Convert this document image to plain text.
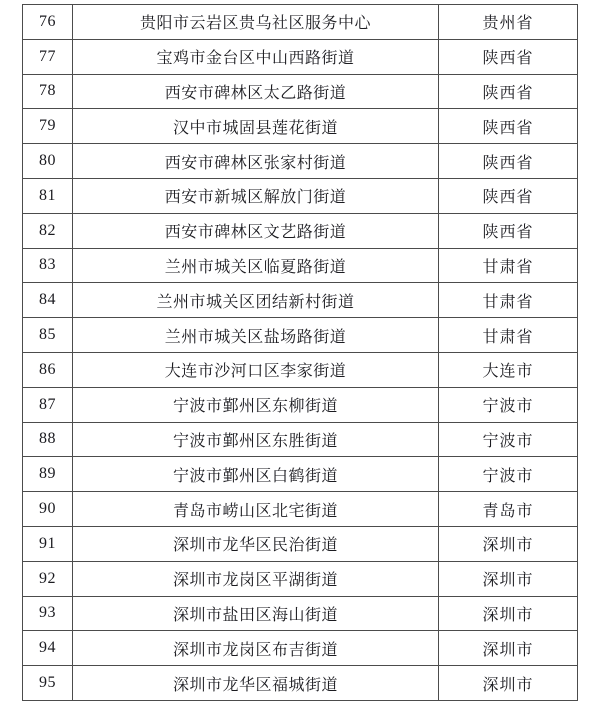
76	贵阳市云岩区贵乌社区服务中心	贵州省
77	宝鸡市金台区中山西路街道	陕西省
78	西安市碑林区太乙路街道	陕西省
79	汉中市城固县莲花街道	陕西省
80	西安市碑林区张家村街道	陕西省
81	西安市新城区解放门街道	陕西省
82	西安市碑林区文艺路街道	陕西省
83	兰州市城关区临夏路街道	甘肃省
84	兰州市城关区团结新村街道	甘肃省
85	兰州市城关区盐场路街道	甘肃省
86	大连市沙河口区李家街道	大连市
87	宁波市鄞州区东柳街道	宁波市
88	宁波市鄞州区东胜街道	宁波市
89	宁波市鄞州区白鹤街道	宁波市
90	青岛市崂山区北宅街道	青岛市
91	深圳市龙华区民治街道	深圳市
92	深圳市龙岗区平湖街道	深圳市
93	深圳市盐田区海山街道	深圳市
94	深圳市龙岗区布吉街道	深圳市
95	深圳市龙华区福城街道	深圳市
